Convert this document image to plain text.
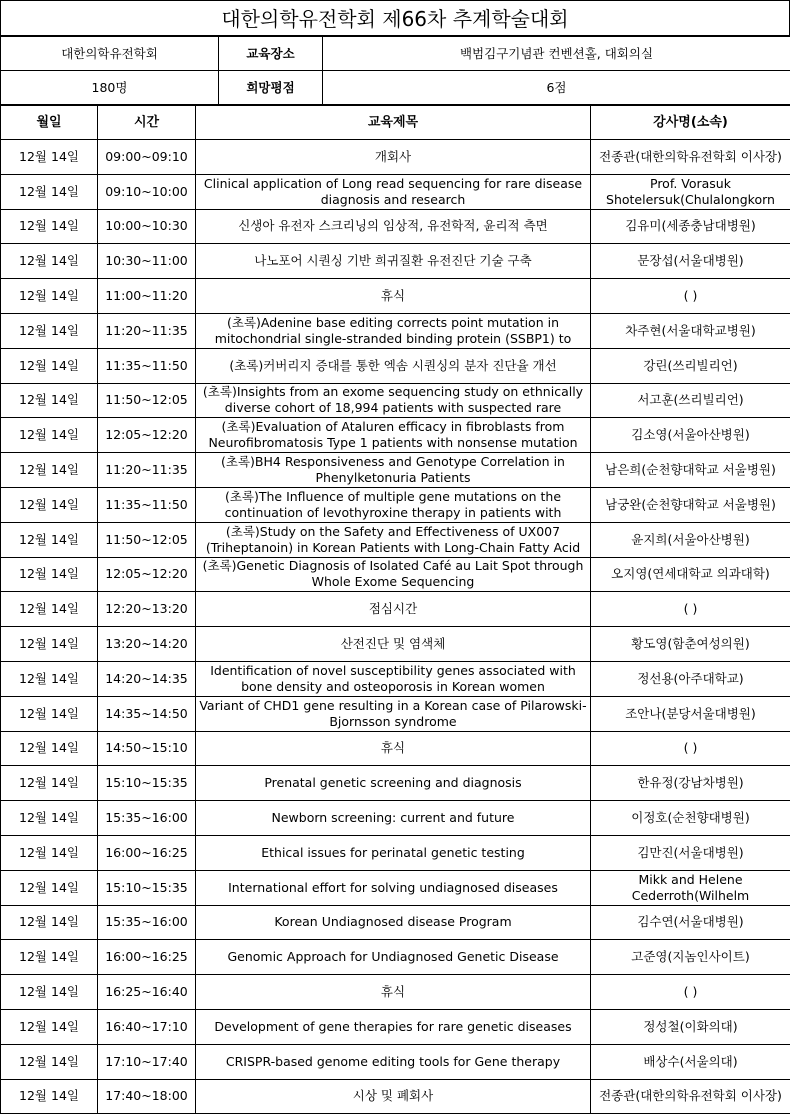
대한의학유전학회 제66차 추계학술대회
대한의학유전학회	교육장소	백범김구기념관 컨벤션홀, 대회의실
180명	희망평점	6점
월일	시간	교육제목	강사명(소속)

12월 14일	09:00~09:10	개회사	전종관(대한의학유전학회 이사장)

12월 14일	09:10~10:00	Clinical application of Long read sequencing for rare disease diagnosis and research	Prof. Vorasuk Shotelersuk(Chulalongkorn

12월 14일	10:00~10:30	신생아 유전자 스크리닝의 임상적, 유전학적, 윤리적 측면	김유미(세종충남대병원)

12월 14일	10:30~11:00	나노포어 시퀀싱 기반 희귀질환 유전진단 기술 구축	문장섭(서울대병원)

12월 14일	11:00~11:20	휴식	( )

12월 14일	11:20~11:35	(초록)Adenine base editing corrects point mutation in mitochondrial single-stranded binding protein (SSBP1) to	차주현(서울대학교병원)

12월 14일	11:35~11:50	(초록)커버리지 증대를 통한 엑솜 시퀀싱의 분자 진단율 개선	강린(쓰리빌리언)

12월 14일	11:50~12:05	(초록)Insights from an exome sequencing study on ethnically diverse cohort of 18,994 patients with suspected rare	서고훈(쓰리빌리언)

12월 14일	12:05~12:20	(초록)Evaluation of Ataluren efficacy in fibroblasts from Neurofibromatosis Type 1 patients with nonsense mutation	김소영(서울아산병원)

12월 14일	11:20~11:35	(초록)BH4 Responsiveness and Genotype Correlation in Phenylketonuria Patients	남은희(순천향대학교 서울병원)

12월 14일	11:35~11:50	(초록)The Influence of multiple gene mutations on the continuation of levothyroxine therapy in patients with	남궁완(순천향대학교 서울병원)

12월 14일	11:50~12:05	(초록)Study on the Safety and Effectiveness of UX007 (Triheptanoin) in Korean Patients with Long-Chain Fatty Acid	윤지희(서울아산병원)

12월 14일	12:05~12:20	(초록)Genetic Diagnosis of Isolated Café au Lait Spot through Whole Exome Sequencing	오지영(연세대학교 의과대학)

12월 14일	12:20~13:20	점심시간	( )

12월 14일	13:20~14:20	산전진단 및 염색체	황도영(함춘여성의원)

12월 14일	14:20~14:35	Identification of novel susceptibility genes associated with bone density and osteoporosis in Korean women	정선용(아주대학교)

12월 14일	14:35~14:50	Variant of CHD1 gene resulting in a Korean case of Pilarowski-Bjornsson syndrome	조안나(분당서울대병원)

12월 14일	14:50~15:10	휴식	( )

12월 14일	15:10~15:35	Prenatal genetic screening and diagnosis	한유정(강남차병원)

12월 14일	15:35~16:00	Newborn screening: current and future	이정호(순천향대병원)

12월 14일	16:00~16:25	Ethical issues for perinatal genetic testing	김만진(서울대병원)

12월 14일	15:10~15:35	International effort for solving undiagnosed diseases	Mikk and Helene Cederroth(Wilhelm

12월 14일	15:35~16:00	Korean Undiagnosed disease Program	김수연(서울대병원)

12월 14일	16:00~16:25	Genomic Approach for Undiagnosed Genetic Disease	고준영(지놈인사이트)

12월 14일	16:25~16:40	휴식	( )

12월 14일	16:40~17:10	Development of gene therapies for rare genetic diseases	정성철(이화의대)

12월 14일	17:10~17:40	CRISPR-based genome editing tools for Gene therapy	배상수(서울의대)

12월 14일	17:40~18:00	시상 및 폐회사	전종관(대한의학유전학회 이사장)
